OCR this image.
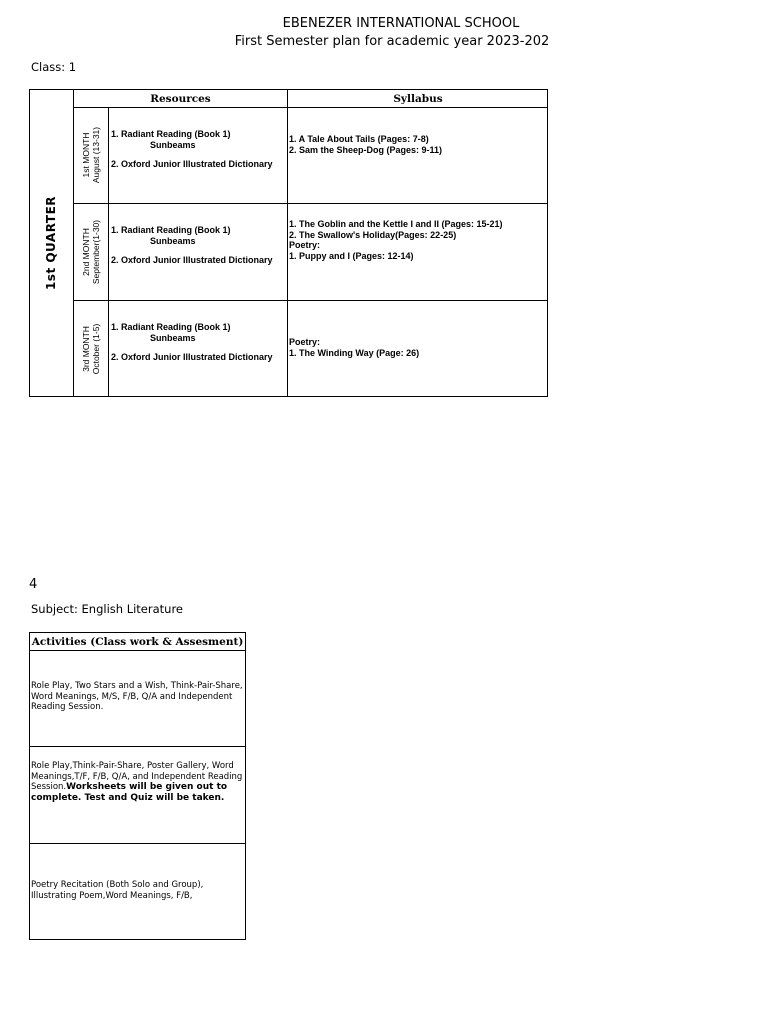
EBENEZER INTERNATIONAL SCHOOL
First Semester plan for academic year 2023-202
Class: 1
Resources	Syllabus
1st QUARTER
1st MONTH August (13-31) 1. Radiant Reading (Book 1)
Sunbeams
2. Oxford Junior Illustrated Dictionary
1. A Tale About Tails (Pages: 7-8)
2. Sam the Sheep-Dog (Pages: 9-11)
2nd MONTH September(1-30) 1. Radiant Reading (Book 1)
Sunbeams
2. Oxford Junior Illustrated Dictionary
1. The Goblin and the Kettle I and II (Pages: 15-21)
2. The Swallow's Holiday(Pages: 22-25)
Poetry:
1. Puppy and I (Pages: 12-14)
3rd MONTH October (1-5) 1. Radiant Reading (Book 1)
Sunbeams
2. Oxford Junior Illustrated Dictionary
Poetry:
1. The Winding Way (Page: 26)
4
Subject: English Literature
Activities (Class work & Assesment)
Role Play, Two Stars and a Wish, Think-Pair-Share, Word Meanings, M/S, F/B, Q/A and Independent Reading Session.
Role Play,Think-Pair-Share, Poster Gallery, Word Meanings,T/F, F/B, Q/A, and Independent Reading Session.Worksheets will be given out to complete. Test and Quiz will be taken.
Poetry Recitation (Both Solo and Group), Illustrating Poem,Word Meanings, F/B,
